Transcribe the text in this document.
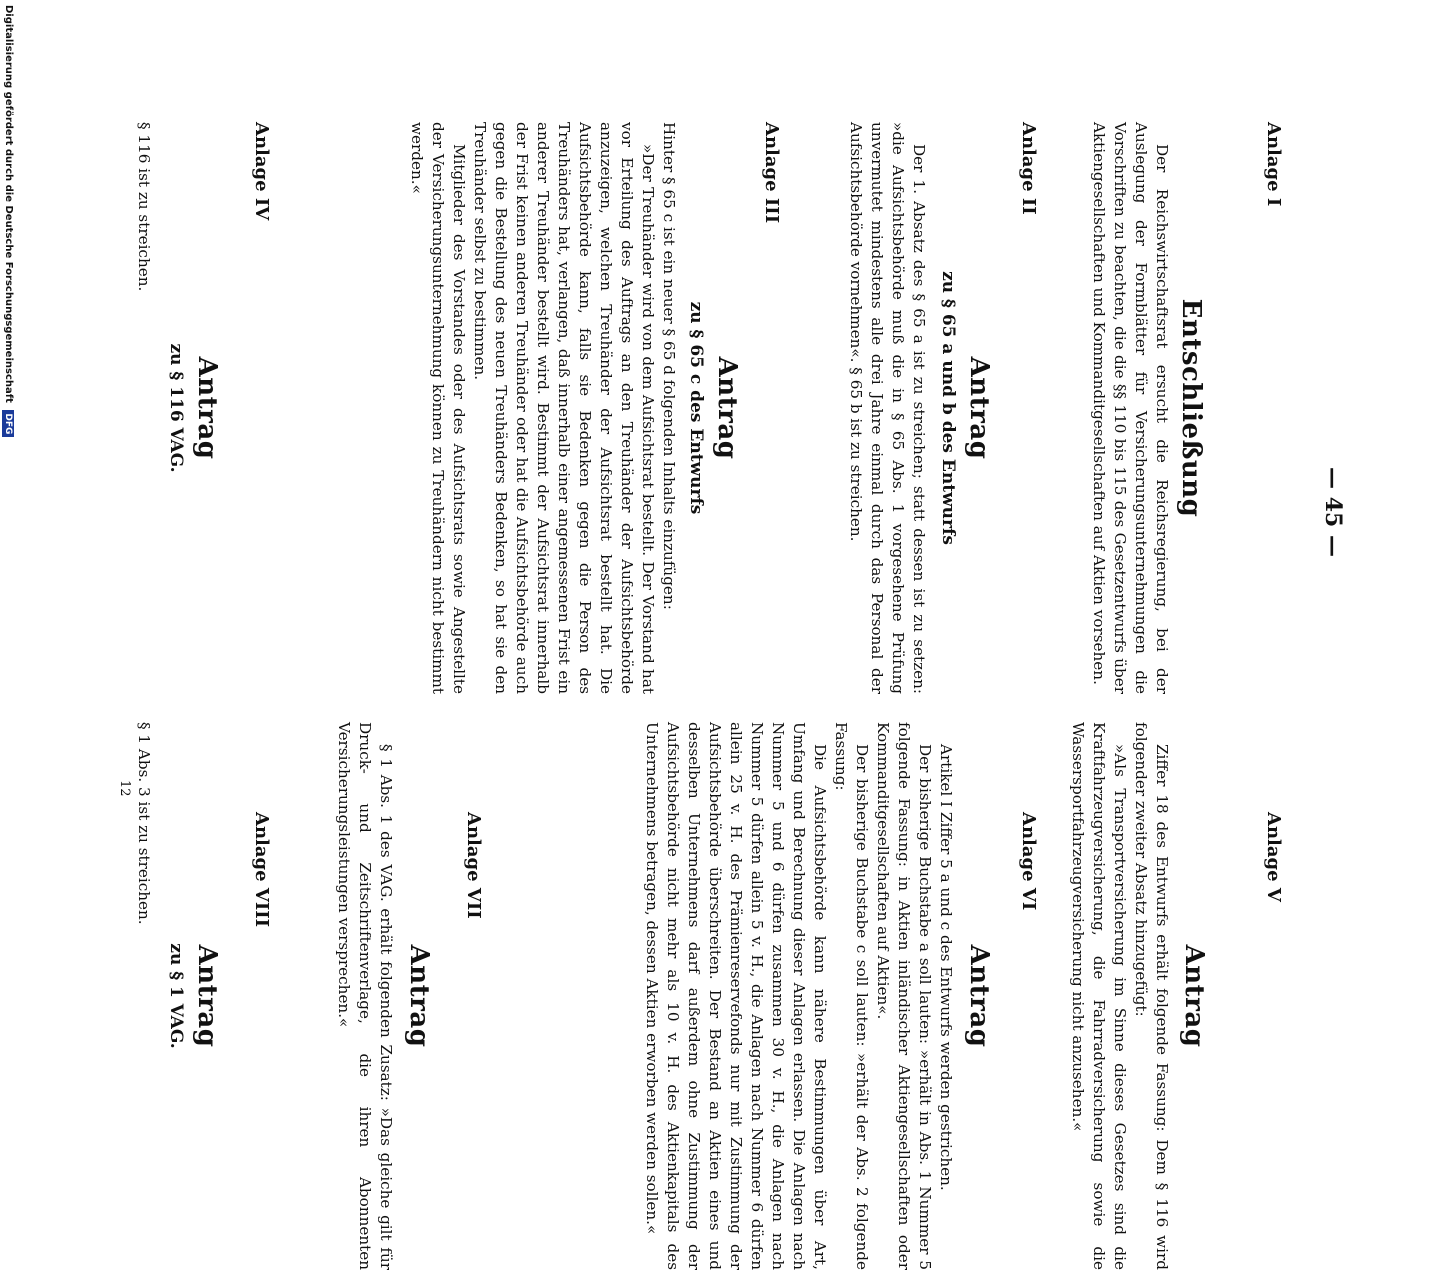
Anlage I
Entschließung

Der Reichswirtschaftsrat ersucht die Reichsregierung, bei der Auslegung der Formblätter für Versicherungsunternehmungen die Vorschriften zu beachten, die die §§ 110 bis 115 des Gesetzentwurfs über Aktiengesellschaften und Kommanditgesellschaften auf Aktien vorsehen.

Anlage II
Antrag
zu § 65 a und b des Entwurfs

Der 1. Absatz des § 65 a ist zu streichen; statt dessen ist zu setzen: »die Aufsichtsbehörde muß die in § 65 Abs. 1 vorgesehene Prüfung unvermutet mindestens alle drei Jahre einmal durch das Personal der Aufsichtsbehörde vornehmen«. § 65 b ist zu streichen.

Anlage III
Antrag
zu § 65 c des Entwurfs

Hinter § 65 c ist ein neuer § 65 d folgenden Inhalts einzufügen:

»Der Treuhänder wird von dem Aufsichtsrat bestellt. Der Vorstand hat vor Erteilung des Auftrags an den Treuhänder der Aufsichtsbehörde anzuzeigen, welchen Treuhänder der Aufsichtsrat bestellt hat. Die Aufsichtsbehörde kann, falls sie Bedenken gegen die Person des Treuhänders hat, verlangen, daß innerhalb einer angemessenen Frist ein anderer Treuhänder bestellt wird. Bestimmt der Aufsichtsrat innerhalb der Frist keinen anderen Treuhänder oder hat die Aufsichtsbehörde auch gegen die Bestellung des neuen Treuhänders Bedenken, so hat sie den Treuhänder selbst zu bestimmen.

Mitglieder des Vorstandes oder des Aufsichtsrats sowie Angestellte der Versicherungsunternehmung können zu Treuhändern nicht bestimmt werden.«

Anlage IV
Antrag
zu § 116 VAG.

§ 116 ist zu streichen.

— 45 —
Anlage V
Antrag

Ziffer 18 des Entwurfs erhält folgende Fassung: Dem § 116 wird folgender zweiter Absatz hinzugefügt:

»Als Transportversicherung im Sinne dieses Gesetzes sind die Kraftfahrzeugversicherung, die Fahrradversicherung sowie die Wassersportfahrzeugversicherung nicht anzusehen.«

Anlage VI
Antrag

Artikel I Ziffer 5 a und c des Entwurfs werden gestrichen.

Der bisherige Buchstabe a soll lauten: »erhält in Abs. 1 Nummer 5 folgende Fassung: in Aktien inländischer Aktiengesellschaften oder Kommanditgesellschaften auf Aktien«.

Der bisherige Buchstabe c soll lauten: »erhält der Abs. 2 folgende Fassung:

Die Aufsichtsbehörde kann nähere Bestimmungen über Art, Umfang und Berechnung dieser Anlagen erlassen. Die Anlagen nach Nummer 5 und 6 dürfen zusammen 30 v. H., die Anlagen nach Nummer 5 dürfen allein 5 v. H., die Anlagen nach Nummer 6 dürfen allein 25 v. H. des Prämienreservefonds nur mit Zustimmung der Aufsichtsbehörde überschreiten. Der Bestand an Aktien eines und desselben Unternehmens darf außerdem ohne Zustimmung der Aufsichtsbehörde nicht mehr als 10 v. H. des Aktienkapitals des Unternehmens betragen, dessen Aktien erworben werden sollen.«

Anlage VII
Antrag

§ 1 Abs. 1 des VAG. erhält folgenden Zusatz: »Das gleiche gilt für Druck- und Zeitschriftenverlage, die ihren Abonnenten Versicherungsleistungen versprechen.«

Anlage VIII
Antrag
zu § 1 VAG.

§ 1 Abs. 3 ist zu streichen.

12
Digitalisierung gefördert durch die Deutsche Forschungsgemeinschaft DFG
